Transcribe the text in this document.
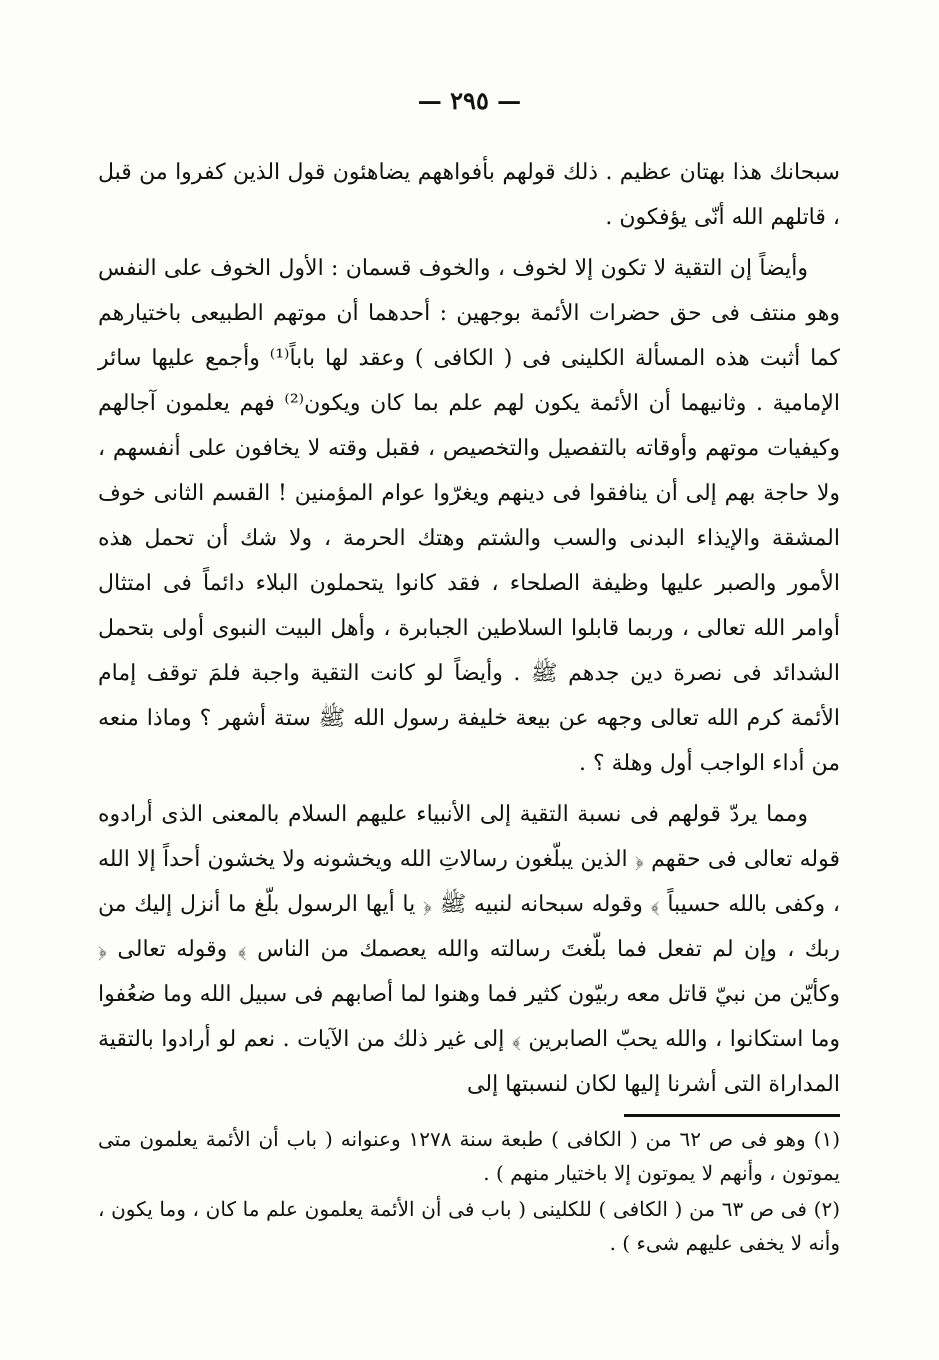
— ٢٩٥ —

سبحانك هذا بهتان عظيم . ذلك قولهم بأفواههم يضاهئون قول الذين كفروا من قبل ، قاتلهم الله أنّى يؤفكون .

وأيضاً إن التقية لا تكون إلا لخوف ، والخوف قسمان : الأول الخوف على النفس وهو منتف فى حق حضرات الأئمة بوجهين : أحدهما أن موتهم الطبيعى باختيارهم كما أثبت هذه المسألة الكلينى فى ( الكافى ) وعقد لها باباً⁽¹⁾ وأجمع عليها سائر الإمامية . وثانيهما أن الأئمة يكون لهم علم بما كان ويكون⁽²⁾ فهم يعلمون آجالهم وكيفيات موتهم وأوقاته بالتفصيل والتخصيص ، فقبل وقته لا يخافون على أنفسهم ، ولا حاجة بهم إلى أن ينافقوا فى دينهم ويغرّوا عوام المؤمنين ! القسم الثانى خوف المشقة والإيذاء البدنى والسب والشتم وهتك الحرمة ، ولا شك أن تحمل هذه الأمور والصبر عليها وظيفة الصلحاء ، فقد كانوا يتحملون البلاء دائماً فى امتثال أوامر الله تعالى ، وربما قابلوا السلاطين الجبابرة ، وأهل البيت النبوى أولى بتحمل الشدائد فى نصرة دين جدهم ﷺ . وأيضاً لو كانت التقية واجبة فلمَ توقف إمام الأئمة كرم الله تعالى وجهه عن بيعة خليفة رسول الله ﷺ ستة أشهر ؟ وماذا منعه من أداء الواجب أول وهلة ؟ .

ومما يردّ قولهم فى نسبة التقية إلى الأنبياء عليهم السلام بالمعنى الذى أرادوه قوله تعالى فى حقهم ﴿ الذين يبلّغون رسالاتِ الله ويخشونه ولا يخشون أحداً إلا الله ، وكفى بالله حسيباً ﴾ وقوله سبحانه لنبيه ﷺ ﴿ يا أيها الرسول بلّغ ما أنزل إليك من ربك ، وإن لم تفعل فما بلّغتَ رسالته والله يعصمك من الناس ﴾ وقوله تعالى ﴿ وكأيّن من نبيّ قاتل معه ربيّون كثير فما وهنوا لما أصابهم فى سبيل الله وما ضعُفوا وما استكانوا ، والله يحبّ الصابرين ﴾ إلى غير ذلك من الآيات . نعم لو أرادوا بالتقية المداراة التى أشرنا إليها لكان لنسبتها إلى

(١) وهو فى ص ٦٢ من ( الكافى ) طبعة سنة ١٢٧٨ وعنوانه ( باب أن الأئمة يعلمون متى يموتون ، وأنهم لا يموتون إلا باختيار منهم ) .

(٢) فى ص ٦٣ من ( الكافى ) للكلينى ( باب فى أن الأئمة يعلمون علم ما كان ، وما يكون ، وأنه لا يخفى عليهم شىء ) .
